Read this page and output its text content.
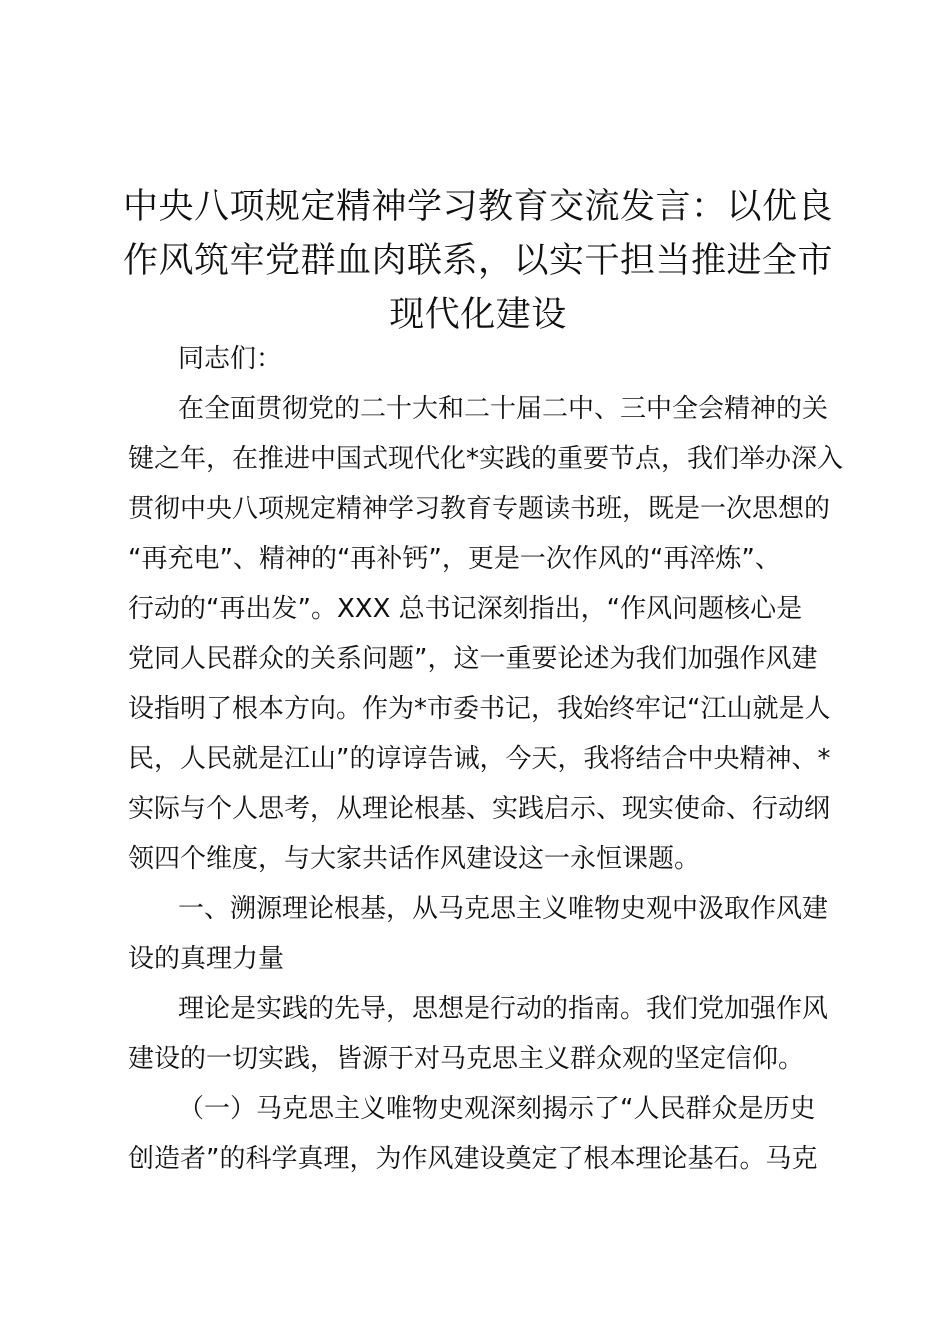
中央八项规定精神学习教育交流发言：以优良
作风筑牢党群血肉联系，以实干担当推进全市
现代化建设
同志们：
在全面贯彻党的二十大和二十届二中、三中全会精神的关
键之年，在推进中国式现代化*实践的重要节点，我们举办深入
贯彻中央八项规定精神学习教育专题读书班，既是一次思想的
“再充电”、精神的“再补钙”，更是一次作风的“再淬炼”、
行动的“再出发”。XXX 总书记深刻指出，“作风问题核心是
党同人民群众的关系问题”，这一重要论述为我们加强作风建
设指明了根本方向。作为*市委书记，我始终牢记“江山就是人
民，人民就是江山”的谆谆告诫，今天，我将结合中央精神、*
实际与个人思考，从理论根基、实践启示、现实使命、行动纲
领四个维度，与大家共话作风建设这一永恒课题。
一、溯源理论根基，从马克思主义唯物史观中汲取作风建
设的真理力量
理论是实践的先导，思想是行动的指南。我们党加强作风
建设的一切实践，皆源于对马克思主义群众观的坚定信仰。
（一）马克思主义唯物史观深刻揭示了“人民群众是历史
创造者”的科学真理，为作风建设奠定了根本理论基石。马克
